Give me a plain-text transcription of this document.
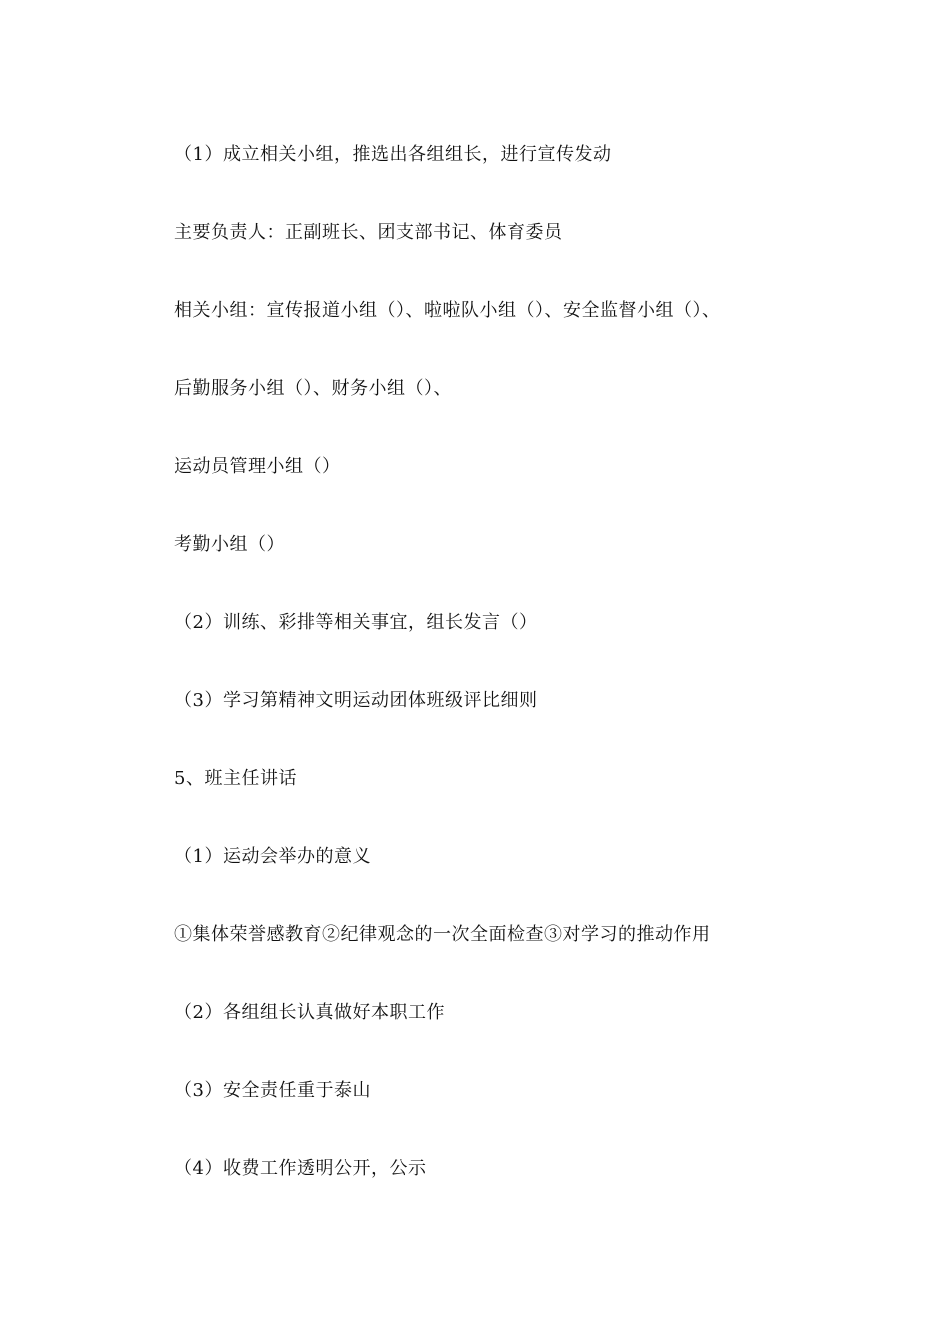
（1）成立相关小组，推选出各组组长，进行宣传发动
主要负责人：正副班长、团支部书记、体育委员
相关小组：宣传报道小组（）、啦啦队小组（）、安全监督小组（）、
后勤服务小组（）、财务小组（）、
运动员管理小组（）
考勤小组（）
（2）训练、彩排等相关事宜，组长发言（）
（3）学习第精神文明运动团体班级评比细则
5、班主任讲话
（1）运动会举办的意义
①集体荣誉感教育②纪律观念的一次全面检查③对学习的推动作用
（2）各组组长认真做好本职工作
（3）安全责任重于泰山
（4）收费工作透明公开，公示
